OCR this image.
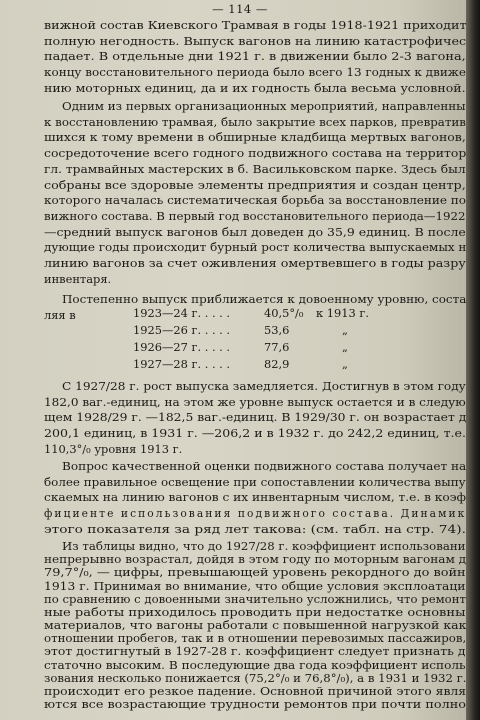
— 114 —
вижной состав Киевского Трамвая в годы 1918-1921 приходит
полную негодность. Выпуск вагонов на линию катастрофичес
падает. В отдельные дни 1921 г. в движении было 2-3 вагона,
концу восстановительного периода было всего 13 годных к движе
нию моторных единиц, да и их годность была весьма условной.
Одним из первых организационных мероприятий, направленны
к восстановлению трамвая, было закрытие всех парков, превратив
шихся к тому времени в обширные кладбища мертвых вагонов,
сосредоточение всего годного подвижного состава на территор
гл. трамвайных мастерских в б. Васильковском парке. Здесь был
собраны все здоровые элементы предприятия и создан центр,
которого началась систематическая борьба за восстановление по
вижного состава. В первый год восстановительного периода—1922
—средний выпуск вагонов был доведен до 35,9 единиц. В после
дующие годы происходит бурный рост количества выпускаемых н
линию вагонов за счет оживления омертвевшего в годы разру
инвентаря.
Постепенно выпуск приближается к довоенному уровню, соста
ляя в	1923—24 г. . . . .	40,5°/₀ к 1913 г.
1925—26 г. . . . .	53,6	„
1926—27 г. . . . .	77,6	„
1927—28 г. . . . .	82,9	„
С 1927/28 г. рост выпуска замедляется. Достигнув в этом году
182,0 ваг.-единиц, на этом же уровне выпуск остается и в следую
щем 1928/29 г. —182,5 ваг.-единиц. В 1929/30 г. он возрастает д
200,1 единиц, в 1931 г. —206,2 и в 1932 г. до 242,2 единиц, т.е.
110,3°/₀ уровня 1913 г.
Вопрос качественной оценки подвижного состава получает на
более правильное освещение при сопоставлении количества выпу
скаемых на линию вагонов с их инвентарным числом, т.е. в коэф
фициенте использования подвижного состава. Динамик
этого показателя за ряд лет такова: (см. табл. на стр. 74).
Из таблицы видно, что до 1927/28 г. коэффициент использовани
непрерывно возрастал, дойдя в этом году по моторным вагонам д
79,7°/₀, — цифры, превышающей уровень рекордного до войн
1913 г. Принимая во внимание, что общие условия эксплоатаци
по сравнению с довоенными значительно усложнились, что ремонт
ные работы приходилось проводить при недостатке основны
материалов, что вагоны работали с повышенной нагрузкой как
отношении пробегов, так и в отношении перевозимых пассажиров,
этот достигнутый в 1927-28 г. коэффициент следует признать д
статочно высоким. В последующие два года коэффициент исполь
зования несколько понижается (75,2°/₀ и 76,8°/₀), а в 1931 и 1932 г.
происходит его резкое падение. Основной причиной этого явля
ются все возрастающие трудности ремонтов при почти полно
